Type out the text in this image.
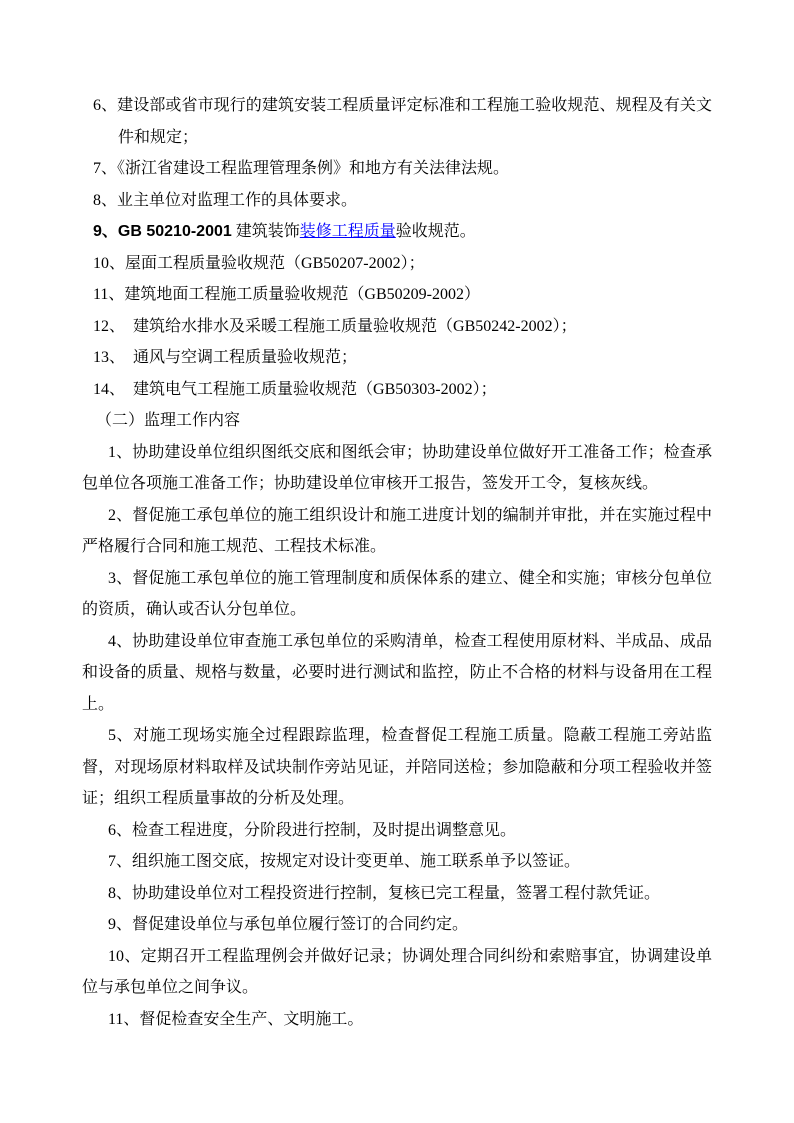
6、建设部或省市现行的建筑安装工程质量评定标准和工程施工验收规范、规程及有关文件和规定；

7、《浙江省建设工程监理管理条例》和地方有关法律法规。

8、业主单位对监理工作的具体要求。

9、GB 50210-2001 建筑装饰装修工程质量验收规范。

10、屋面工程质量验收规范（GB50207-2002）；

11、建筑地面工程施工质量验收规范（GB50209-2002）

12、　建筑给水排水及采暖工程施工质量验收规范（GB50242-2002）；

13、　通风与空调工程质量验收规范；

14、　建筑电气工程施工质量验收规范（GB50303-2002）；

（二）监理工作内容

1、协助建设单位组织图纸交底和图纸会审；协助建设单位做好开工准备工作；检查承包单位各项施工准备工作；协助建设单位审核开工报告，签发开工令，复核灰线。

2、督促施工承包单位的施工组织设计和施工进度计划的编制并审批，并在实施过程中严格履行合同和施工规范、工程技术标准。

3、督促施工承包单位的施工管理制度和质保体系的建立、健全和实施；审核分包单位的资质，确认或否认分包单位。

4、协助建设单位审查施工承包单位的采购清单，检查工程使用原材料、半成品、成品和设备的质量、规格与数量，必要时进行测试和监控，防止不合格的材料与设备用在工程上。

5、对施工现场实施全过程跟踪监理，检查督促工程施工质量。隐蔽工程施工旁站监督，对现场原材料取样及试块制作旁站见证，并陪同送检；参加隐蔽和分项工程验收并签证；组织工程质量事故的分析及处理。

6、检查工程进度，分阶段进行控制，及时提出调整意见。

7、组织施工图交底，按规定对设计变更单、施工联系单予以签证。

8、协助建设单位对工程投资进行控制，复核已完工程量，签署工程付款凭证。

9、督促建设单位与承包单位履行签订的合同约定。

10、定期召开工程监理例会并做好记录；协调处理合同纠纷和索赔事宜，协调建设单位与承包单位之间争议。

11、督促检查安全生产、文明施工。
